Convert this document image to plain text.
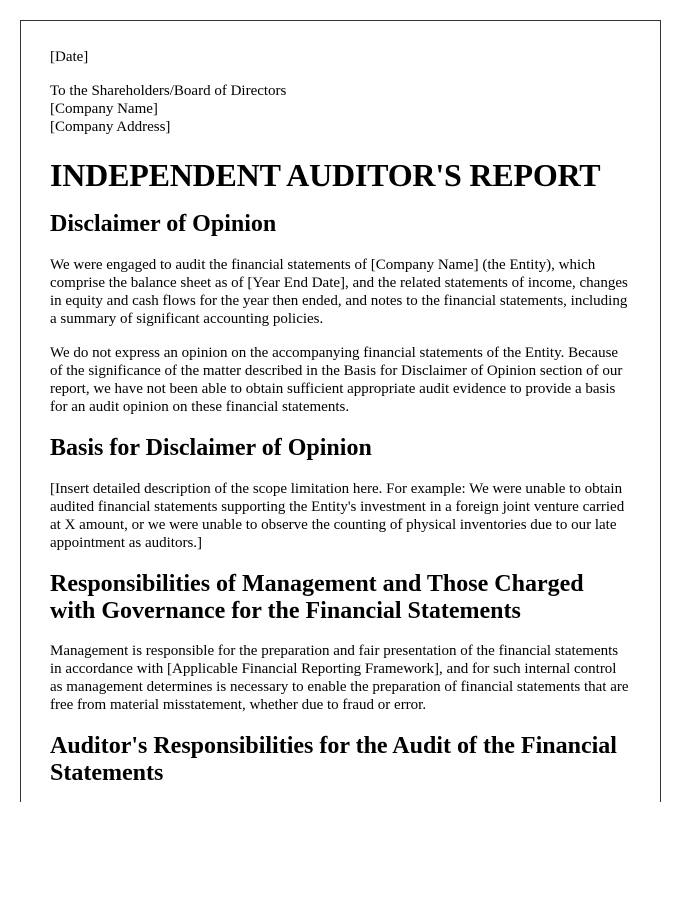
[Date]

To the Shareholders/Board of Directors

[Company Name]

[Company Address]

INDEPENDENT AUDITOR'S REPORT
Disclaimer of Opinion

We were engaged to audit the financial statements of [Company Name] (the Entity), which comprise the balance sheet as of [Year End Date], and the related statements of income, changes in equity and cash flows for the year then ended, and notes to the financial statements, including a summary of significant accounting policies.

We do not express an opinion on the accompanying financial statements of the Entity. Because of the significance of the matter described in the Basis for Disclaimer of Opinion section of our report, we have not been able to obtain sufficient appropriate audit evidence to provide a basis for an audit opinion on these financial statements.

Basis for Disclaimer of Opinion

[Insert detailed description of the scope limitation here. For example: We were unable to obtain audited financial statements supporting the Entity's investment in a foreign joint venture carried at X amount, or we were unable to observe the counting of physical inventories due to our late appointment as auditors.]

Responsibilities of Management and Those Charged with Governance for the Financial Statements

Management is responsible for the preparation and fair presentation of the financial statements in accordance with [Applicable Financial Reporting Framework], and for such internal control as management determines is necessary to enable the preparation of financial statements that are free from material misstatement, whether due to fraud or error.

Auditor's Responsibilities for the Audit of the Financial Statements
